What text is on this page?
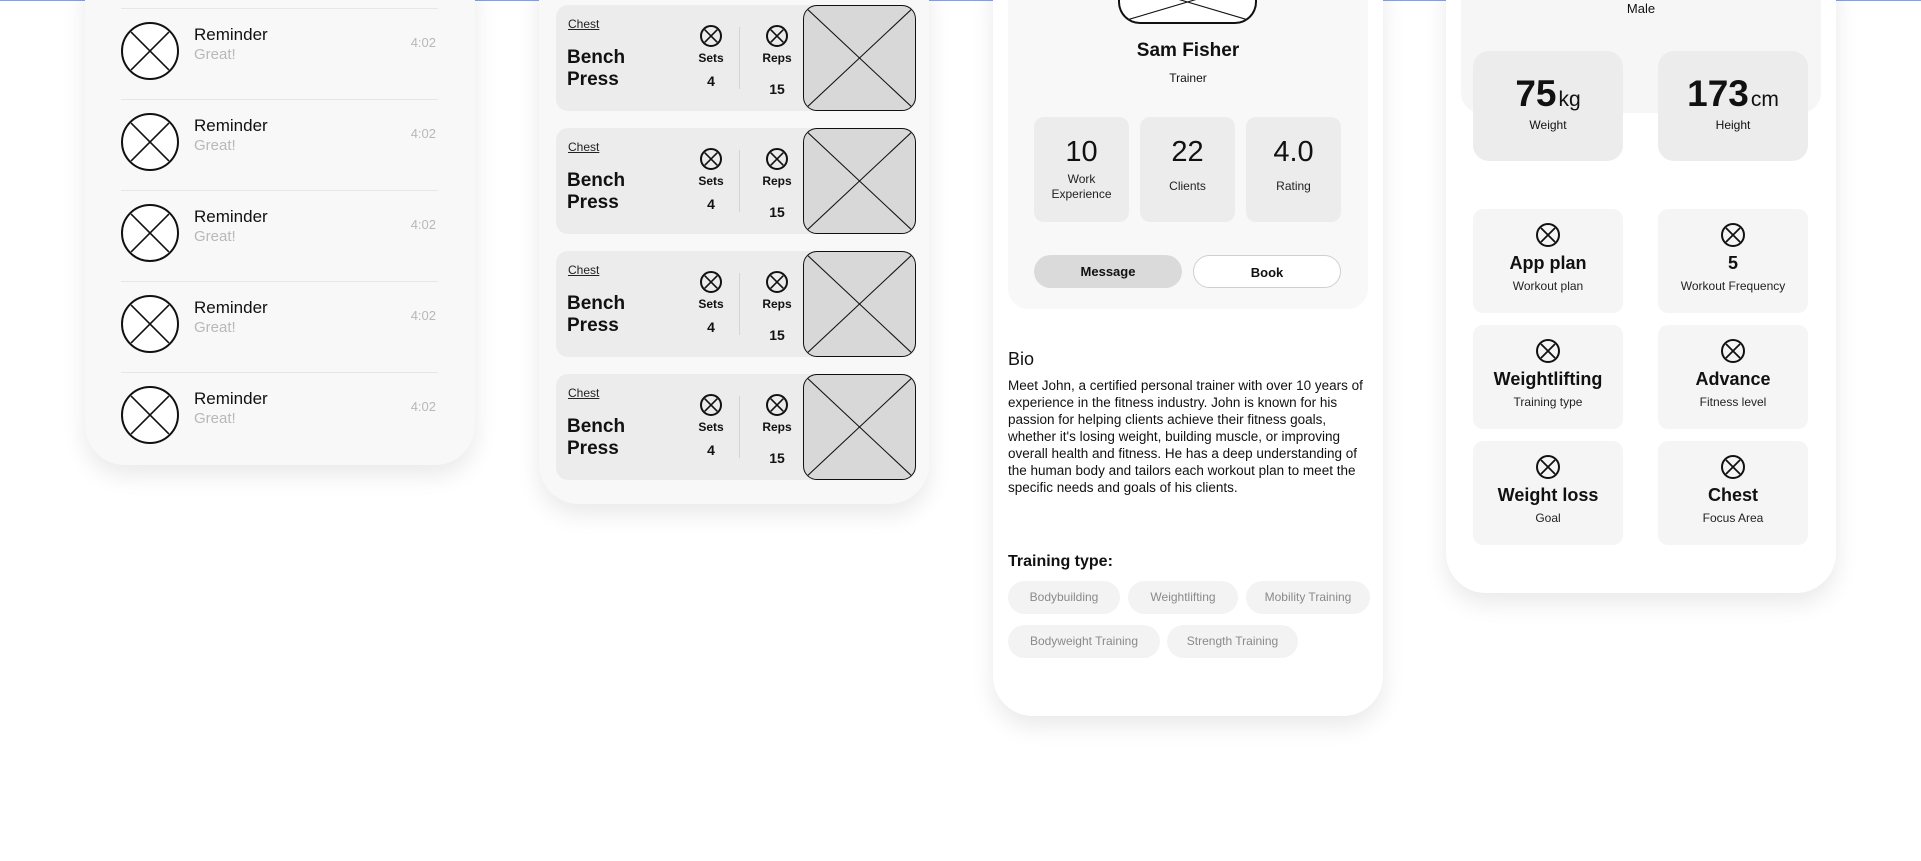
Reminder
Great!
4:02
Reminder
Great!
4:02
Reminder
Great!
4:02
Reminder
Great!
4:02
Reminder
Great!
4:02
Chest
Bench Press
Sets
4
Reps
15
Chest
Bench Press
Sets
4
Reps
15
Chest
Bench Press
Sets
4
Reps
15
Chest
Bench Press
Sets
4
Reps
15
Sam Fisher
Trainer
10
Work Experience
22
Clients
4.0
Rating
Message	Book
Bio
Meet John, a certified personal trainer with over 10 years of experience in the fitness industry. John is known for his passion for helping clients achieve their fitness goals, whether it's losing weight, building muscle, or improving overall health and fitness. He has a deep understanding of the human body and tailors each workout plan to meet the specific needs and goals of his clients.
Training type:
Bodybuilding	Weightlifting	Mobility Training
Bodyweight Training	Strength Training
Male
75kg
Weight
173cm
Height
App plan
Workout plan
5
Workout Frequency
Weightlifting
Training type
Advance
Fitness level
Weight loss
Goal
Chest
Focus Area
